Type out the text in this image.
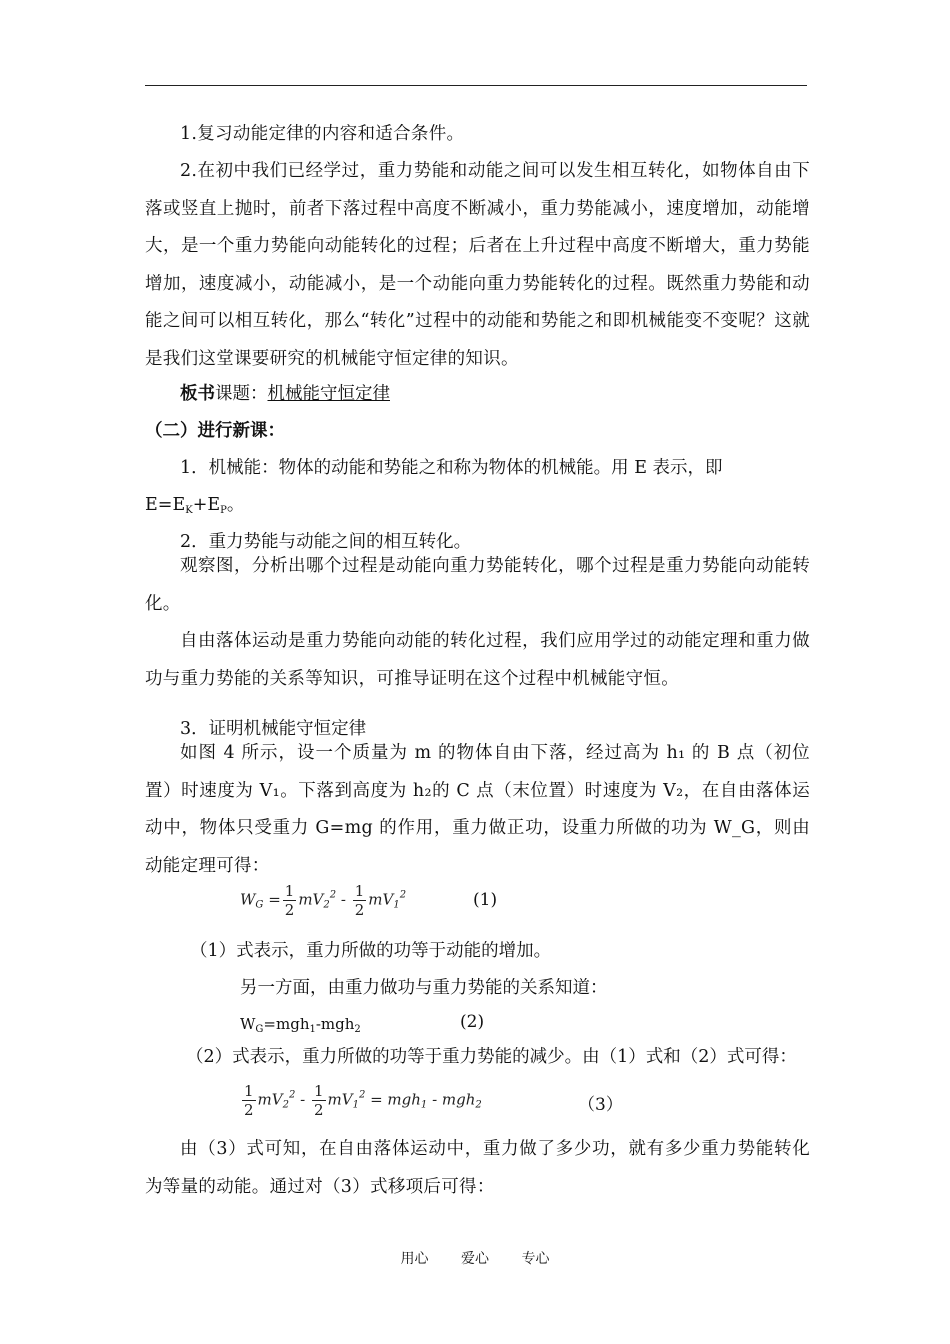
1.复习动能定律的内容和适合条件。
2.在初中我们已经学过，重力势能和动能之间可以发生相互转化，如物体自由下落或竖直上抛时，前者下落过程中高度不断减小，重力势能减小，速度增加，动能增大，是一个重力势能向动能转化的过程；后者在上升过程中高度不断增大，重力势能增加，速度减小，动能减小，是一个动能向重力势能转化的过程。既然重力势能和动能之间可以相互转化，那么“转化”过程中的动能和势能之和即机械能变不变呢？这就是我们这堂课要研究的机械能守恒定律的知识。
板书课题：机械能守恒定律
（二）进行新课：
1．机械能：物体的动能和势能之和称为物体的机械能。用 E 表示，即
$E=E_K+E_P$。
2．重力势能与动能之间的相互转化。
观察图，分析出哪个过程是动能向重力势能转化，哪个过程是重力势能向动能转化。
自由落体运动是重力势能向动能的转化过程，我们应用学过的动能定理和重力做功与重力势能的关系等知识，可推导证明在这个过程中机械能守恒。
3．证明机械能守恒定律
如图 4 所示，设一个质量为 m 的物体自由下落，经过高为 h₁ 的 B 点（初位置）时速度为 V₁。下落到高度为 h₂的 C 点（末位置）时速度为 V₂，在自由落体运动中，物体只受重力 G=mg 的作用，重力做正功，设重力所做的功为 W_G，则由动能定理可得：
$W_G = \frac{1}{2} mV_2^2 - \frac{1}{2} mV_1^2$	(1)
（1）式表示，重力所做的功等于动能的增加。
另一方面，由重力做功与重力势能的关系知道：
$W_G=mgh_1-mgh_2$	(2)
（2）式表示，重力所做的功等于重力势能的减少。由（1）式和（2）式可得：
$\frac{1}{2} mV_2^2 - \frac{1}{2} mV_1^2 = mgh_1 - mgh_2$	（3）
由（3）式可知，在自由落体运动中，重力做了多少功，就有多少重力势能转化为等量的动能。通过对（3）式移项后可得：
用心 爱心 专心
